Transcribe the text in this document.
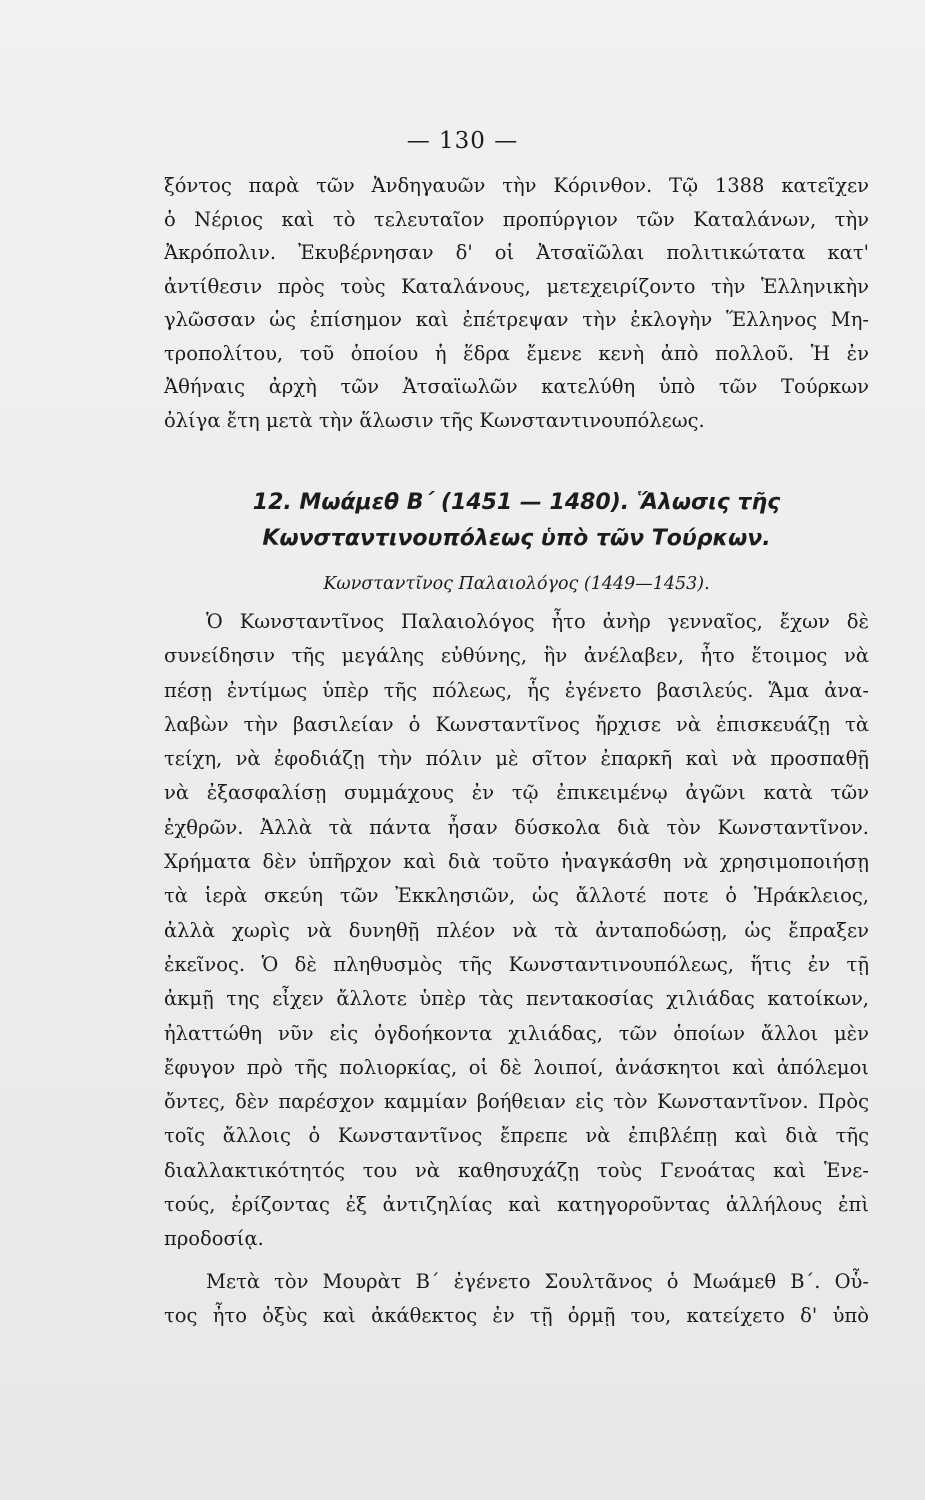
— 130 —
ξόντος παρὰ τῶν Ἀνδηγαυῶν τὴν Κόρινθον. Τῷ 1388 κατεῖχεν
ὁ Νέριος καὶ τὸ τελευταῖον προπύργιον τῶν Καταλάνων, τὴν
Ἀκρόπολιν. Ἐκυβέρνησαν δ' οἱ Ἀτσαϊῶλαι πολιτικώτατα κατ'
ἀντίθεσιν πρὸς τοὺς Καταλάνους, μετεχειρίζοντο τὴν Ἑλληνικὴν
γλῶσσαν ὡς ἐπίσημον καὶ ἐπέτρεψαν τὴν ἐκλογὴν Ἕλληνος Μη-
τροπολίτου, τοῦ ὁποίου ἡ ἕδρα ἔμενε κενὴ ἀπὸ πολλοῦ. Ἡ ἐν
Ἀθήναις ἀρχὴ τῶν Ἀτσαϊωλῶν κατελύθη ὑπὸ τῶν Τούρκων
ὀλίγα ἔτη μετὰ τὴν ἅλωσιν τῆς Κωνσταντινουπόλεως.
12. Μωάμεθ Β΄ (1451 — 1480). Ἅλωσις τῆς
Κωνσταντινουπόλεως ὑπὸ τῶν Τούρκων.
Κωνσταντῖνος Παλαιολόγος (1449—1453).
Ὁ Κωνσταντῖνος Παλαιολόγος ἦτο ἀνὴρ γενναῖος, ἔχων δὲ
συνείδησιν τῆς μεγάλης εὐθύνης, ἣν ἀνέλαβεν, ἦτο ἕτοιμος νὰ
πέσῃ ἐντίμως ὑπὲρ τῆς πόλεως, ἧς ἐγένετο βασιλεύς. Ἅμα ἀνα-
λαβὼν τὴν βασιλείαν ὁ Κωνσταντῖνος ἤρχισε νὰ ἐπισκευάζῃ τὰ
τείχη, νὰ ἐφοδιάζῃ τὴν πόλιν μὲ σῖτον ἐπαρκῆ καὶ νὰ προσπαθῇ
νὰ ἐξασφαλίσῃ συμμάχους ἐν τῷ ἐπικειμένῳ ἀγῶνι κατὰ τῶν
ἐχθρῶν. Ἀλλὰ τὰ πάντα ἦσαν δύσκολα διὰ τὸν Κωνσταντῖνον.
Χρήματα δὲν ὑπῆρχον καὶ διὰ τοῦτο ἠναγκάσθη νὰ χρησιμοποιήσῃ
τὰ ἱερὰ σκεύη τῶν Ἐκκλησιῶν, ὡς ἄλλοτέ ποτε ὁ Ἡράκλειος,
ἀλλὰ χωρὶς νὰ δυνηθῇ πλέον νὰ τὰ ἀνταποδώσῃ, ὡς ἔπραξεν
ἐκεῖνος. Ὁ δὲ πληθυσμὸς τῆς Κωνσταντινουπόλεως, ἥτις ἐν τῇ
ἀκμῇ της εἶχεν ἄλλοτε ὑπὲρ τὰς πεντακοσίας χιλιάδας κατοίκων,
ἠλαττώθη νῦν εἰς ὀγδοήκοντα χιλιάδας, τῶν ὁποίων ἄλλοι μὲν
ἔφυγον πρὸ τῆς πολιορκίας, οἱ δὲ λοιποί, ἀνάσκητοι καὶ ἀπόλεμοι
ὄντες, δὲν παρέσχον καμμίαν βοήθειαν εἰς τὸν Κωνσταντῖνον. Πρὸς
τοῖς ἄλλοις ὁ Κωνσταντῖνος ἔπρεπε νὰ ἐπιβλέπῃ καὶ διὰ τῆς
διαλλακτικότητός του νὰ καθησυχάζῃ τοὺς Γενοάτας καὶ Ἑνε-
τούς, ἐρίζοντας ἐξ ἀντιζηλίας καὶ κατηγοροῦντας ἀλλήλους ἐπὶ
προδοσίᾳ.
Μετὰ τὸν Μουρὰτ Β΄ ἐγένετο Σουλτᾶνος ὁ Μωάμεθ Β΄. Οὗ-
τος ἦτο ὀξὺς καὶ ἀκάθεκτος ἐν τῇ ὁρμῇ του, κατείχετο δ' ὑπὸ
